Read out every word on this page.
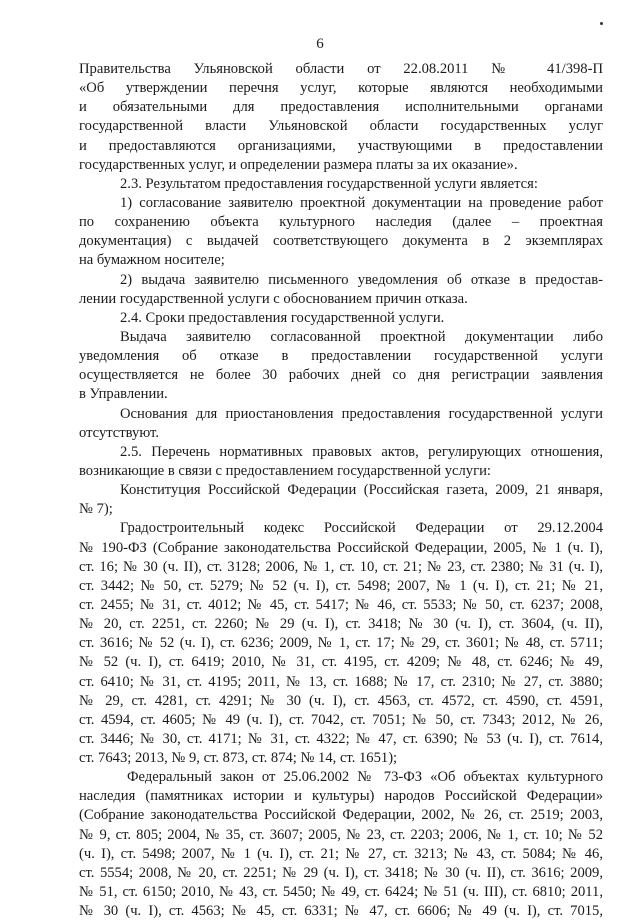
6
Правительства Ульяновской области от 22.08.2011 № 41/398-П
«Об утверждении перечня услуг, которые являются необходимыми
и обязательными для предоставления исполнительными органами
государственной власти Ульяновской области государственных услуг
и предоставляются организациями, участвующими в предоставлении
государственных услуг, и определении размера платы за их оказание».
2.3. Результатом предоставления государственной услуги является:
1) согласование заявителю проектной документации на проведение работ
по сохранению объекта культурного наследия (далее – проектная
документация) с выдачей соответствующего документа в 2 экземплярах
на бумажном носителе;
2) выдача заявителю письменного уведомления об отказе в предостав-
лении государственной услуги с обоснованием причин отказа.
2.4. Сроки предоставления государственной услуги.
Выдача заявителю согласованной проектной документации либо
уведомления об отказе в предоставлении государственной услуги
осуществляется не более 30 рабочих дней со дня регистрации заявления
в Управлении.
Основания для приостановления предоставления государственной услуги
отсутствуют.
2.5. Перечень нормативных правовых актов, регулирующих отношения,
возникающие в связи с предоставлением государственной услуги:
Конституция Российской Федерации (Российская газета, 2009, 21 января,
№ 7);
Градостроительный кодекс Российской Федерации от 29.12.2004
№ 190-ФЗ (Собрание законодательства Российской Федерации, 2005, № 1 (ч. I),
ст. 16; № 30 (ч. II), ст. 3128; 2006, № 1, ст. 10, ст. 21; № 23, ст. 2380; № 31 (ч. I),
ст. 3442; № 50, ст. 5279; № 52 (ч. I), ст. 5498; 2007, № 1 (ч. I), ст. 21; № 21,
ст. 2455; № 31, ст. 4012; № 45, ст. 5417; № 46, ст. 5533; № 50, ст. 6237; 2008,
№ 20, ст. 2251, ст. 2260; № 29 (ч. I), ст. 3418; № 30 (ч. I), ст. 3604, (ч. II),
ст. 3616; № 52 (ч. I), ст. 6236; 2009, № 1, ст. 17; № 29, ст. 3601; № 48, ст. 5711;
№ 52 (ч. I), ст. 6419; 2010, № 31, ст. 4195, ст. 4209; № 48, ст. 6246; № 49,
ст. 6410; № 31, ст. 4195; 2011, № 13, ст. 1688; № 17, ст. 2310; № 27, ст. 3880;
№ 29, ст. 4281, ст. 4291; № 30 (ч. I), ст. 4563, ст. 4572, ст. 4590, ст. 4591,
ст. 4594, ст. 4605; № 49 (ч. I), ст. 7042, ст. 7051; № 50, ст. 7343; 2012, № 26,
ст. 3446; № 30, ст. 4171; № 31, ст. 4322; № 47, ст. 6390; № 53 (ч. I), ст. 7614,
ст. 7643; 2013, № 9, ст. 873, ст. 874; № 14, ст. 1651);
Федеральный закон от 25.06.2002 № 73-ФЗ «Об объектах культурного
наследия (памятниках истории и культуры) народов Российской Федерации»
(Собрание законодательства Российской Федерации, 2002, № 26, ст. 2519; 2003,
№ 9, ст. 805; 2004, № 35, ст. 3607; 2005, № 23, ст. 2203; 2006, № 1, ст. 10; № 52
(ч. I), ст. 5498; 2007, № 1 (ч. I), ст. 21; № 27, ст. 3213; № 43, ст. 5084; № 46,
ст. 5554; 2008, № 20, ст. 2251; № 29 (ч. I), ст. 3418; № 30 (ч. II), ст. 3616; 2009,
№ 51, ст. 6150; 2010, № 43, ст. 5450; № 49, ст. 6424; № 51 (ч. III), ст. 6810; 2011,
№ 30 (ч. I), ст. 4563; № 45, ст. 6331; № 47, ст. 6606; № 49 (ч. I), ст. 7015,
